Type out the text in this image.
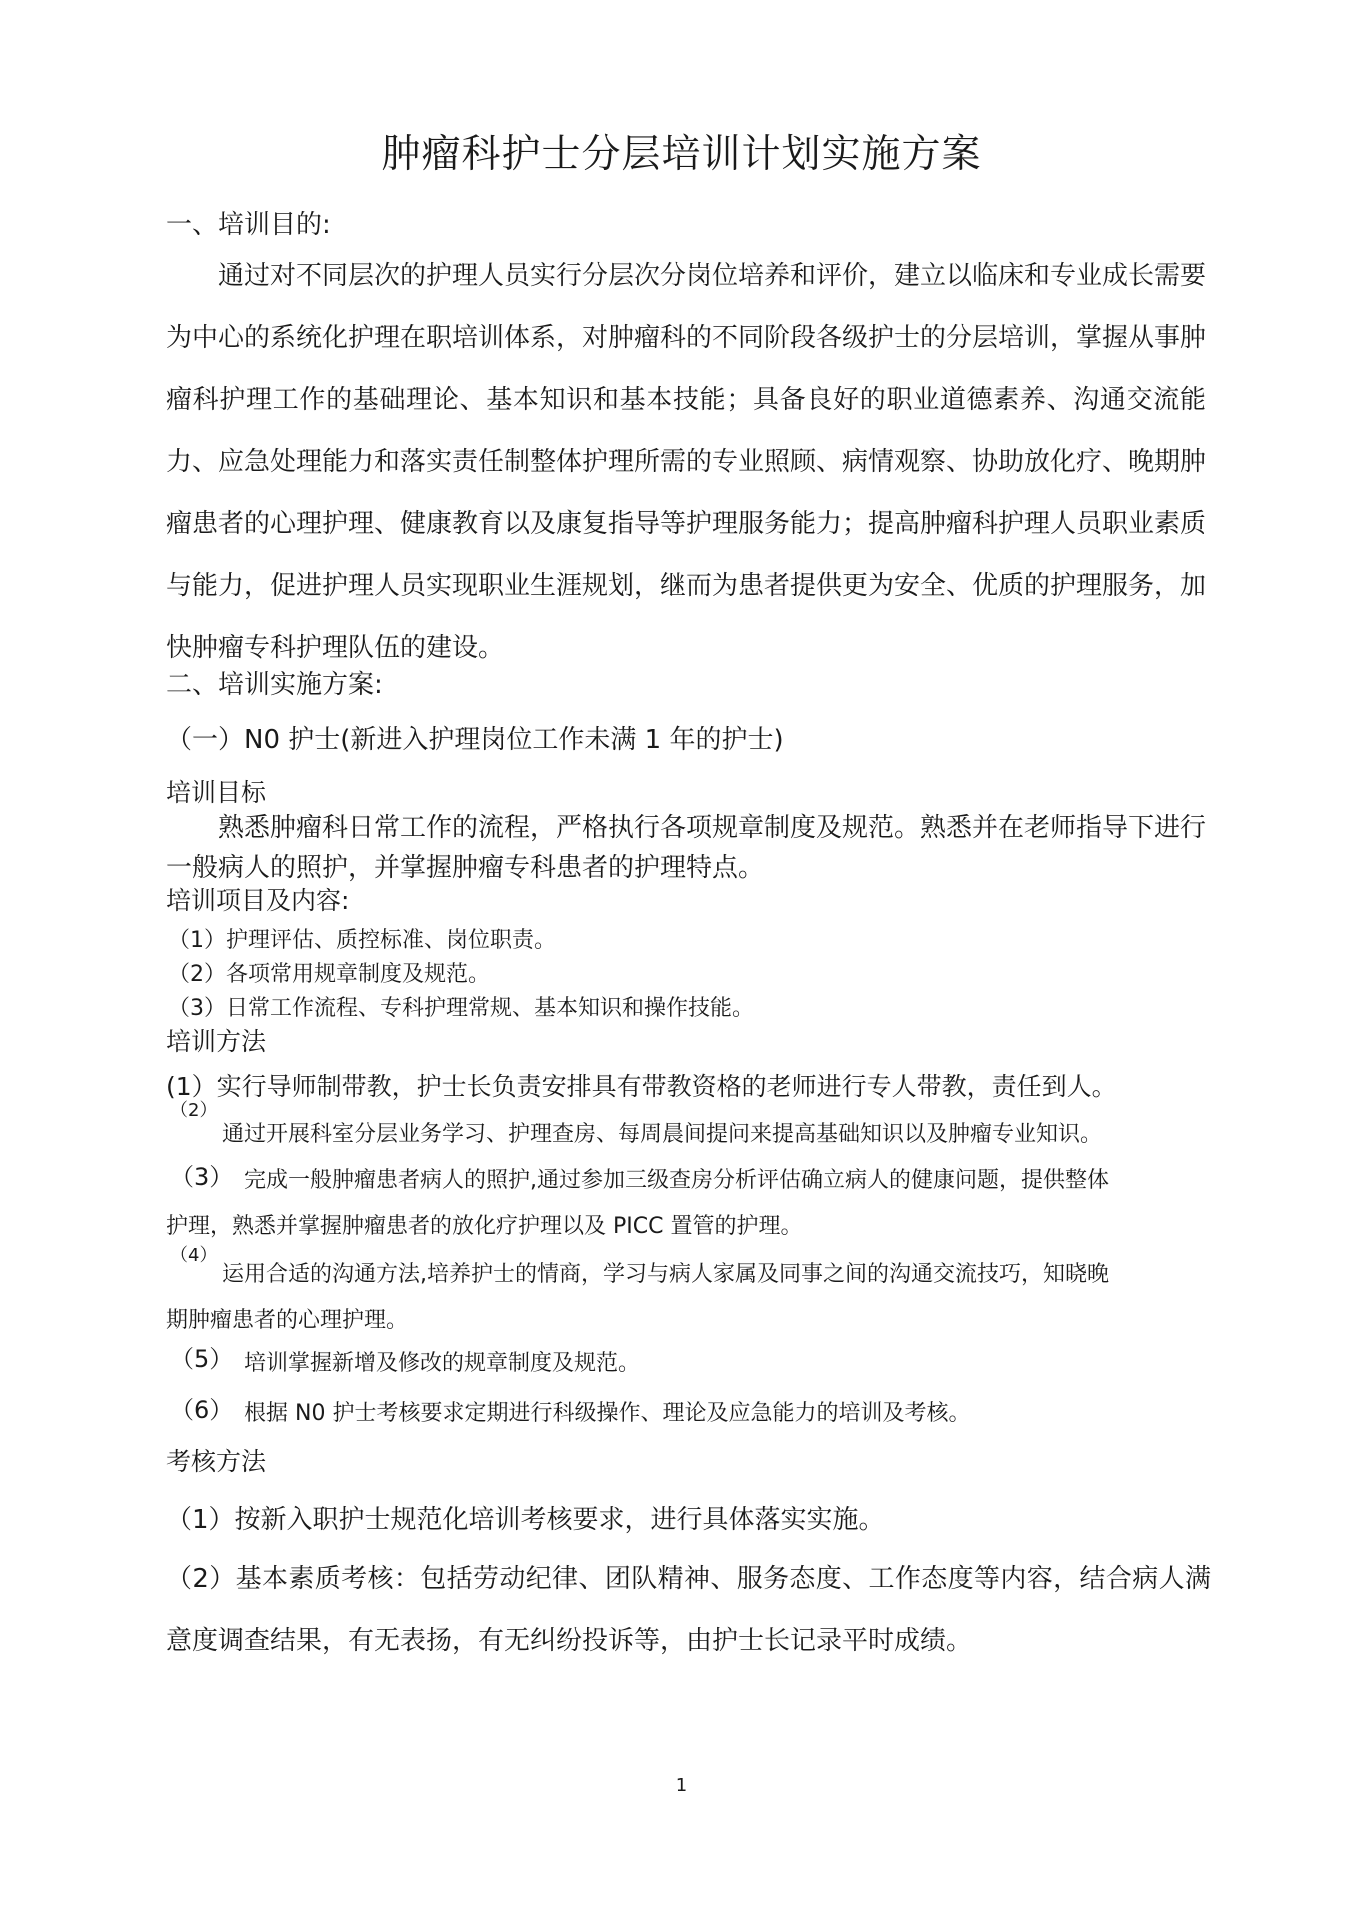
肿瘤科护士分层培训计划实施方案
一、培训目的:
通过对不同层次的护理人员实行分层次分岗位培养和评价，建立以临床和专业成长需要为中心的系统化护理在职培训体系，对肿瘤科的不同阶段各级护士的分层培训，掌握从事肿瘤科护理工作的基础理论、基本知识和基本技能；具备良好的职业道德素养、沟通交流能力、应急处理能力和落实责任制整体护理所需的专业照顾、病情观察、协助放化疗、晚期肿瘤患者的心理护理、健康教育以及康复指导等护理服务能力；提高肿瘤科护理人员职业素质与能力，促进护理人员实现职业生涯规划，继而为患者提供更为安全、优质的护理服务，加快肿瘤专科护理队伍的建设。
二、培训实施方案:
（一）N0 护士(新进入护理岗位工作未满 1 年的护士)
培训目标
熟悉肿瘤科日常工作的流程，严格执行各项规章制度及规范。熟悉并在老师指导下进行一般病人的照护，并掌握肿瘤专科患者的护理特点。
培训项目及内容:
（1）护理评估、质控标准、岗位职责。
（2）各项常用规章制度及规范。
（3）日常工作流程、专科护理常规、基本知识和操作技能。
培训方法
(1）实行导师制带教，护士长负责安排具有带教资格的老师进行专人带教，责任到人。
（2）
通过开展科室分层业务学习、护理查房、每周晨间提问来提高基础知识以及肿瘤专业知识。
（3） 完成一般肿瘤患者病人的照护,通过参加三级查房分析评估确立病人的健康问题，提供整体
护理，熟悉并掌握肿瘤患者的放化疗护理以及 PICC 置管的护理。
（4）
运用合适的沟通方法,培养护士的情商，学习与病人家属及同事之间的沟通交流技巧，知晓晚
期肿瘤患者的心理护理。
（5） 培训掌握新增及修改的规章制度及规范。
（6） 根据 N0 护士考核要求定期进行科级操作、理论及应急能力的培训及考核。
考核方法
（1）按新入职护士规范化培训考核要求，进行具体落实实施。
（2）基本素质考核：包括劳动纪律、团队精神、服务态度、工作态度等内容，结合病人满意度调查结果，有无表扬，有无纠纷投诉等，由护士长记录平时成绩。
1
